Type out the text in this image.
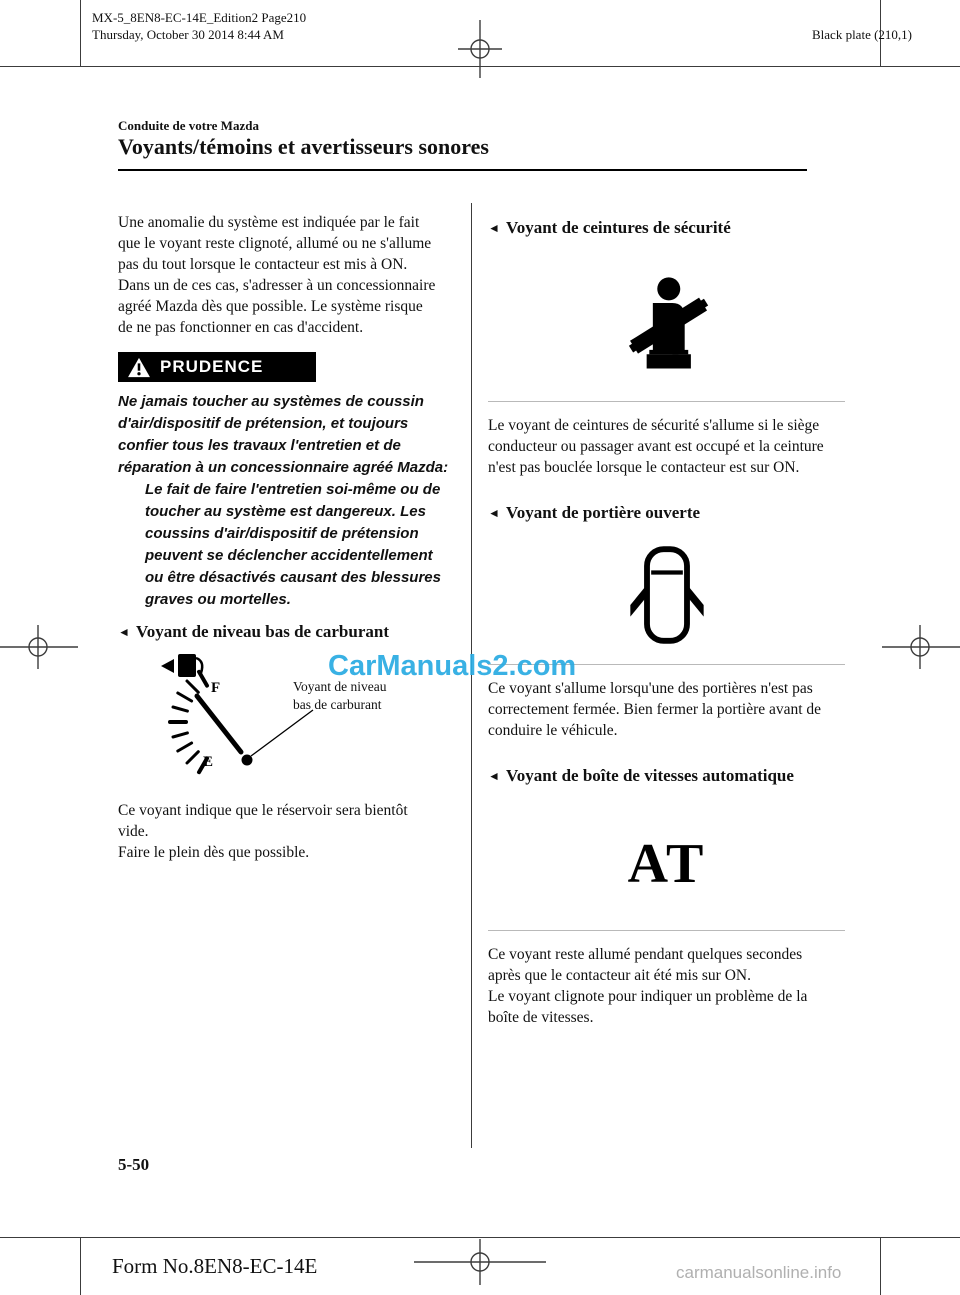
MX-5_8EN8-EC-14E_Edition2 Page210
Thursday, October 30 2014 8:44 AM	Black plate (210,1)
Conduite de votre Mazda
Voyants/témoins et avertisseurs sonores

Une anomalie du système est indiquée par le fait que le voyant reste clignoté, allumé ou ne s'allume pas du tout lorsque le contacteur est mis à ON. Dans un de ces cas, s'adresser à un concessionnaire agréé Mazda dès que possible. Le système risque de ne pas fonctionner en cas d'accident.

PRUDENCE

Ne jamais toucher au systèmes de coussin d'air/dispositif de prétension, et toujours confier tous les travaux l'entretien et de réparation à un concessionnaire agréé Mazda:

Le fait de faire l'entretien soi-même ou de toucher au système est dangereux. Les coussins d'air/dispositif de prétension peuvent se déclencher accidentellement ou être désactivés causant des blessures graves ou mortelles.

◄ Voyant de niveau bas de carburant
F
E
Voyant de niveau
bas de carburant

Ce voyant indique que le réservoir sera bientôt vide.

Faire le plein dès que possible.

◄ Voyant de ceintures de sécurité

Le voyant de ceintures de sécurité s'allume si le siège conducteur ou passager avant est occupé et la ceinture n'est pas bouclée lorsque le contacteur est sur ON.

◄ Voyant de portière ouverte

Ce voyant s'allume lorsqu'une des portières n'est pas correctement fermée. Bien fermer la portière avant de conduire le véhicule.

◄ Voyant de boîte de vitesses automatique
AT

Ce voyant reste allumé pendant quelques secondes après que le contacteur ait été mis sur ON.

Le voyant clignote pour indiquer un problème de la boîte de vitesses.

CarManuals2.com
5-50
Form No.8EN8-EC-14E	carmanualsonline.info
